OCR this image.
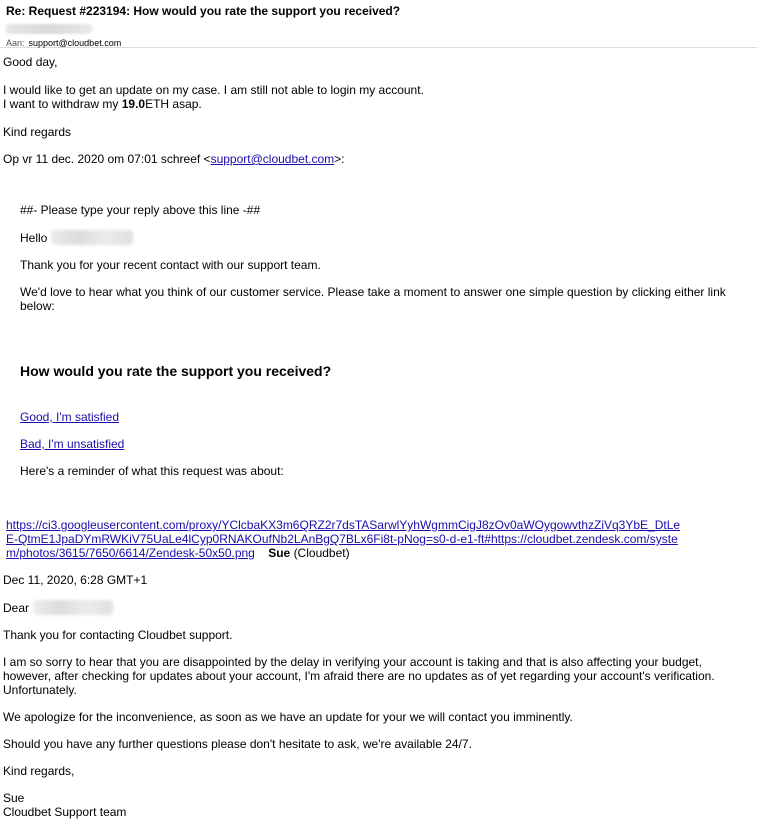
Re: Request #223194: How would you rate the support you received?
Aan: support@cloudbet.com

Good day,

I would like to get an update on my case. I am still not able to login my account.

I want to withdraw my 19.0ETH asap.

Kind regards

Op vr 11 dec. 2020 om 07:01 schreef <support@cloudbet.com>:

##- Please type your reply above this line -##

Hello

Thank you for your recent contact with our support team.

We'd love to hear what you think of our customer service. Please take a moment to answer one simple question by clicking either link below:

How would you rate the support you received?

Good, I'm satisfied

Bad, I'm unsatisfied

Here's a reminder of what this request was about:

https://ci3.googleusercontent.com/proxy/YClcbaKX3m6QRZ2r7dsTASarwlYyhWgmmCigJ8zOv0aWOygowvthzZiVq3YbE_DtLeE-QtmE1JpaDYmRWKiV75UaLe4lCyp0RNAKOufNb2LAnBgQ7BLx6Fi8t-pNog=s0-d-e1-ft#https://cloudbet.zendesk.com/system/photos/3615/7650/6614/Zendesk-50x50.png Sue (Cloudbet)

Dec 11, 2020, 6:28 GMT+1

Dear

Thank you for contacting Cloudbet support.

I am so sorry to hear that you are disappointed by the delay in verifying your account is taking and that is also affecting your budget, however, after checking for updates about your account, I'm afraid there are no updates as of yet regarding your account's verification. Unfortunately.

We apologize for the inconvenience, as soon as we have an update for your we will contact you imminently.

Should you have any further questions please don't hesitate to ask, we're available 24/7.

Kind regards,

Sue

Cloudbet Support team
